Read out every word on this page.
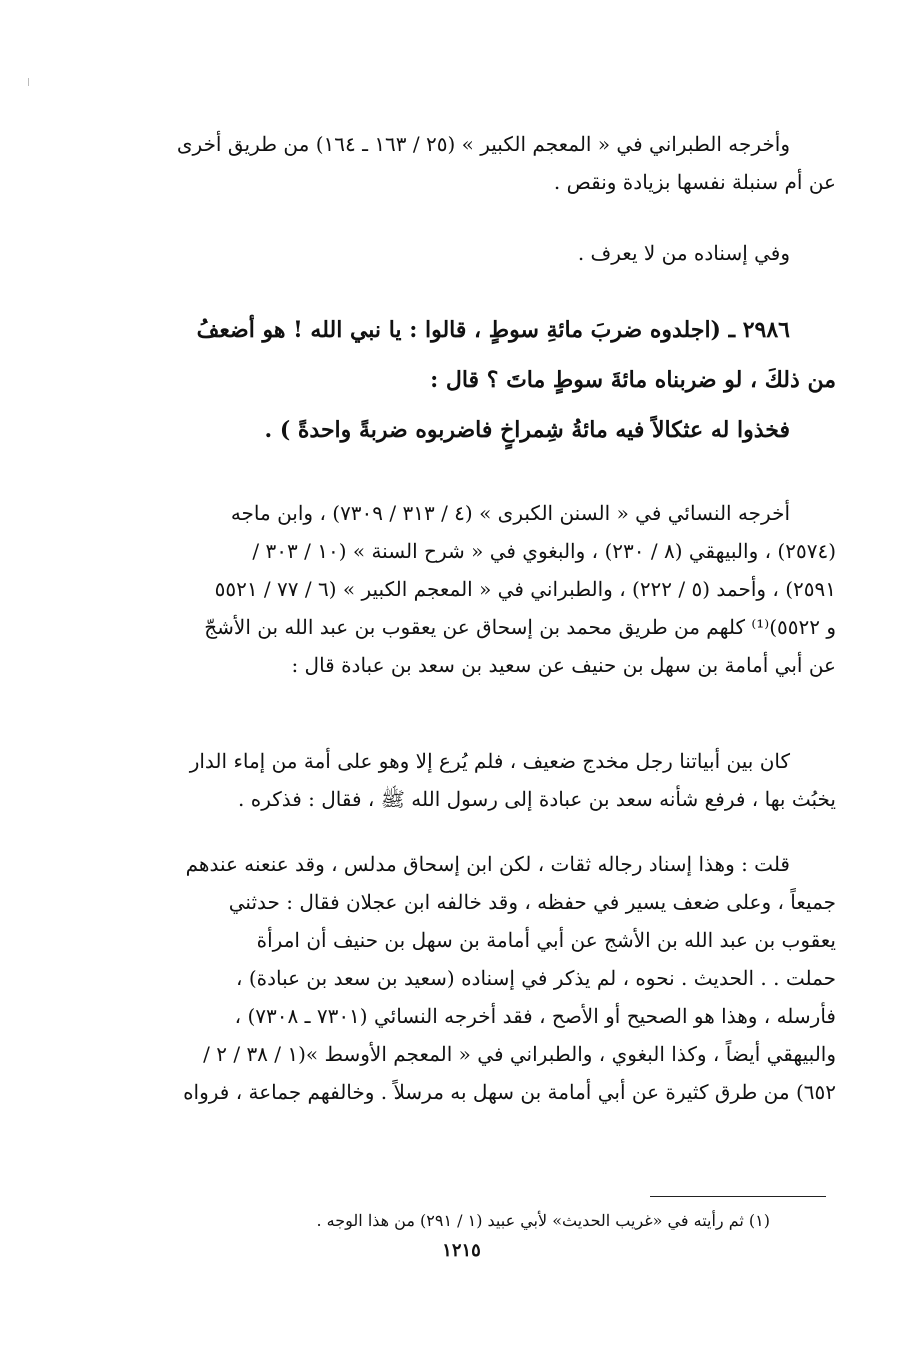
وأخرجه الطبراني في « المعجم الكبير » (٢٥ / ١٦٣ ـ ١٦٤) من طريق أخرى
عن أم سنبلة نفسها بزيادة ونقص .

وفي إسناده من لا يعرف .

٢٩٨٦ ـ (اجلدوه ضربَ مائةِ سوطٍ ، قالوا : يا نبي الله ! هو أضعفُ
من ذلكَ ، لو ضربناه مائةَ سوطٍ ماتَ ؟ قال :
فخذوا له عثكالاً فيه مائةُ شِمراخٍ فاضربوه ضربةً واحدةً ) .

أخرجه النسائي في « السنن الكبرى » (٤ / ٣١٣ / ٧٣٠٩) ، وابن ماجه
(٢٥٧٤) ، والبيهقي (٨ / ٢٣٠) ، والبغوي في « شرح السنة » (١٠ / ٣٠٣ /
٢٥٩١) ، وأحمد (٥ / ٢٢٢) ، والطبراني في « المعجم الكبير » (٦ / ٧٧ / ٥٥٢١
و ٥٥٢٢)⁽¹⁾ كلهم من طريق محمد بن إسحاق عن يعقوب بن عبد الله بن الأشجّ
عن أبي أمامة بن سهل بن حنيف عن سعيد بن سعد بن عبادة قال :

كان بين أبياتنا رجل مخدج ضعيف ، فلم يُرع إلا وهو على أمة من إماء الدار
يخبُث بها ، فرفع شأنه سعد بن عبادة إلى رسول الله ﷺ ، فقال : فذكره .

قلت : وهذا إسناد رجاله ثقات ، لكن ابن إسحاق مدلس ، وقد عنعنه عندهم
جميعاً ، وعلى ضعف يسير في حفظه ، وقد خالفه ابن عجلان فقال : حدثني
يعقوب بن عبد الله بن الأشج عن أبي أمامة بن سهل بن حنيف أن امرأة
حملت . . الحديث . نحوه ، لم يذكر في إسناده (سعيد بن سعد بن عبادة) ،
فأرسله ، وهذا هو الصحيح أو الأصح ، فقد أخرجه النسائي (٧٣٠١ ـ ٧٣٠٨) ،
والبيهقي أيضاً ، وكذا البغوي ، والطبراني في « المعجم الأوسط »(١ / ٣٨ / ٢ /
٦٥٢) من طرق كثيرة عن أبي أمامة بن سهل به مرسلاً . وخالفهم جماعة ، فرواه

(١) ثم رأيته في «غريب الحديث» لأبي عبيد (١ / ٢٩١) من هذا الوجه .
١٢١٥
